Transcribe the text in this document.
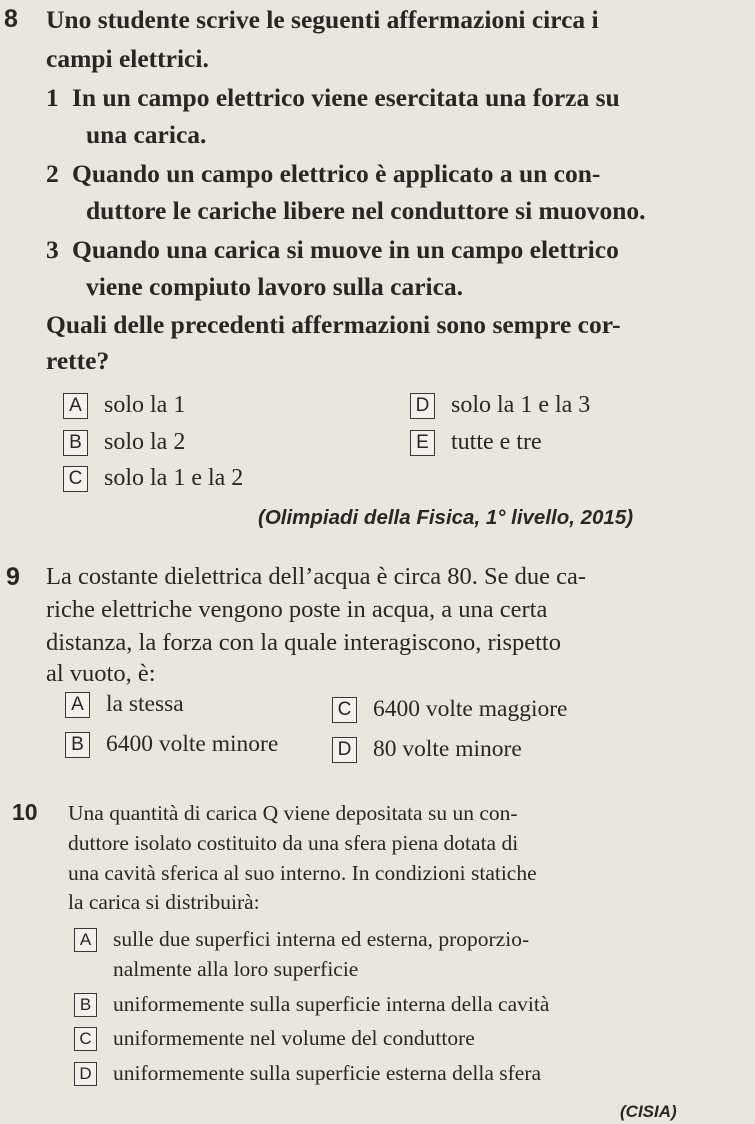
8 Uno studente scrive le seguenti affermazioni circa i
campi elettrici.
1 In un campo elettrico viene esercitata una forza su
una carica.
2 Quando un campo elettrico è applicato a un con-
duttore le cariche libere nel conduttore si muovono.
3 Quando una carica si muove in un campo elettrico
viene compiuto lavoro sulla carica.
Quali delle precedenti affermazioni sono sempre cor-
rette?
A solo la 1
B solo la 2
C solo la 1 e la 2
D solo la 1 e la 3
E tutte e tre
(Olimpiadi della Fisica, 1° livello, 2015)
9 La costante dielettrica dell’acqua è circa 80. Se due ca-
riche elettriche vengono poste in acqua, a una certa
distanza, la forza con la quale interagiscono, rispetto
al vuoto, è:
A la stessa
B 6400 volte minore
C 6400 volte maggiore
D 80 volte minore
10 Una quantità di carica Q viene depositata su un con-
duttore isolato costituito da una sfera piena dotata di
una cavità sferica al suo interno. In condizioni statiche
la carica si distribuirà:
A sulle due superfici interna ed esterna, proporzio-
nalmente alla loro superficie
B uniformemente sulla superficie interna della cavità
C uniformemente nel volume del conduttore
D uniformemente sulla superficie esterna della sfera
(CISIA)
